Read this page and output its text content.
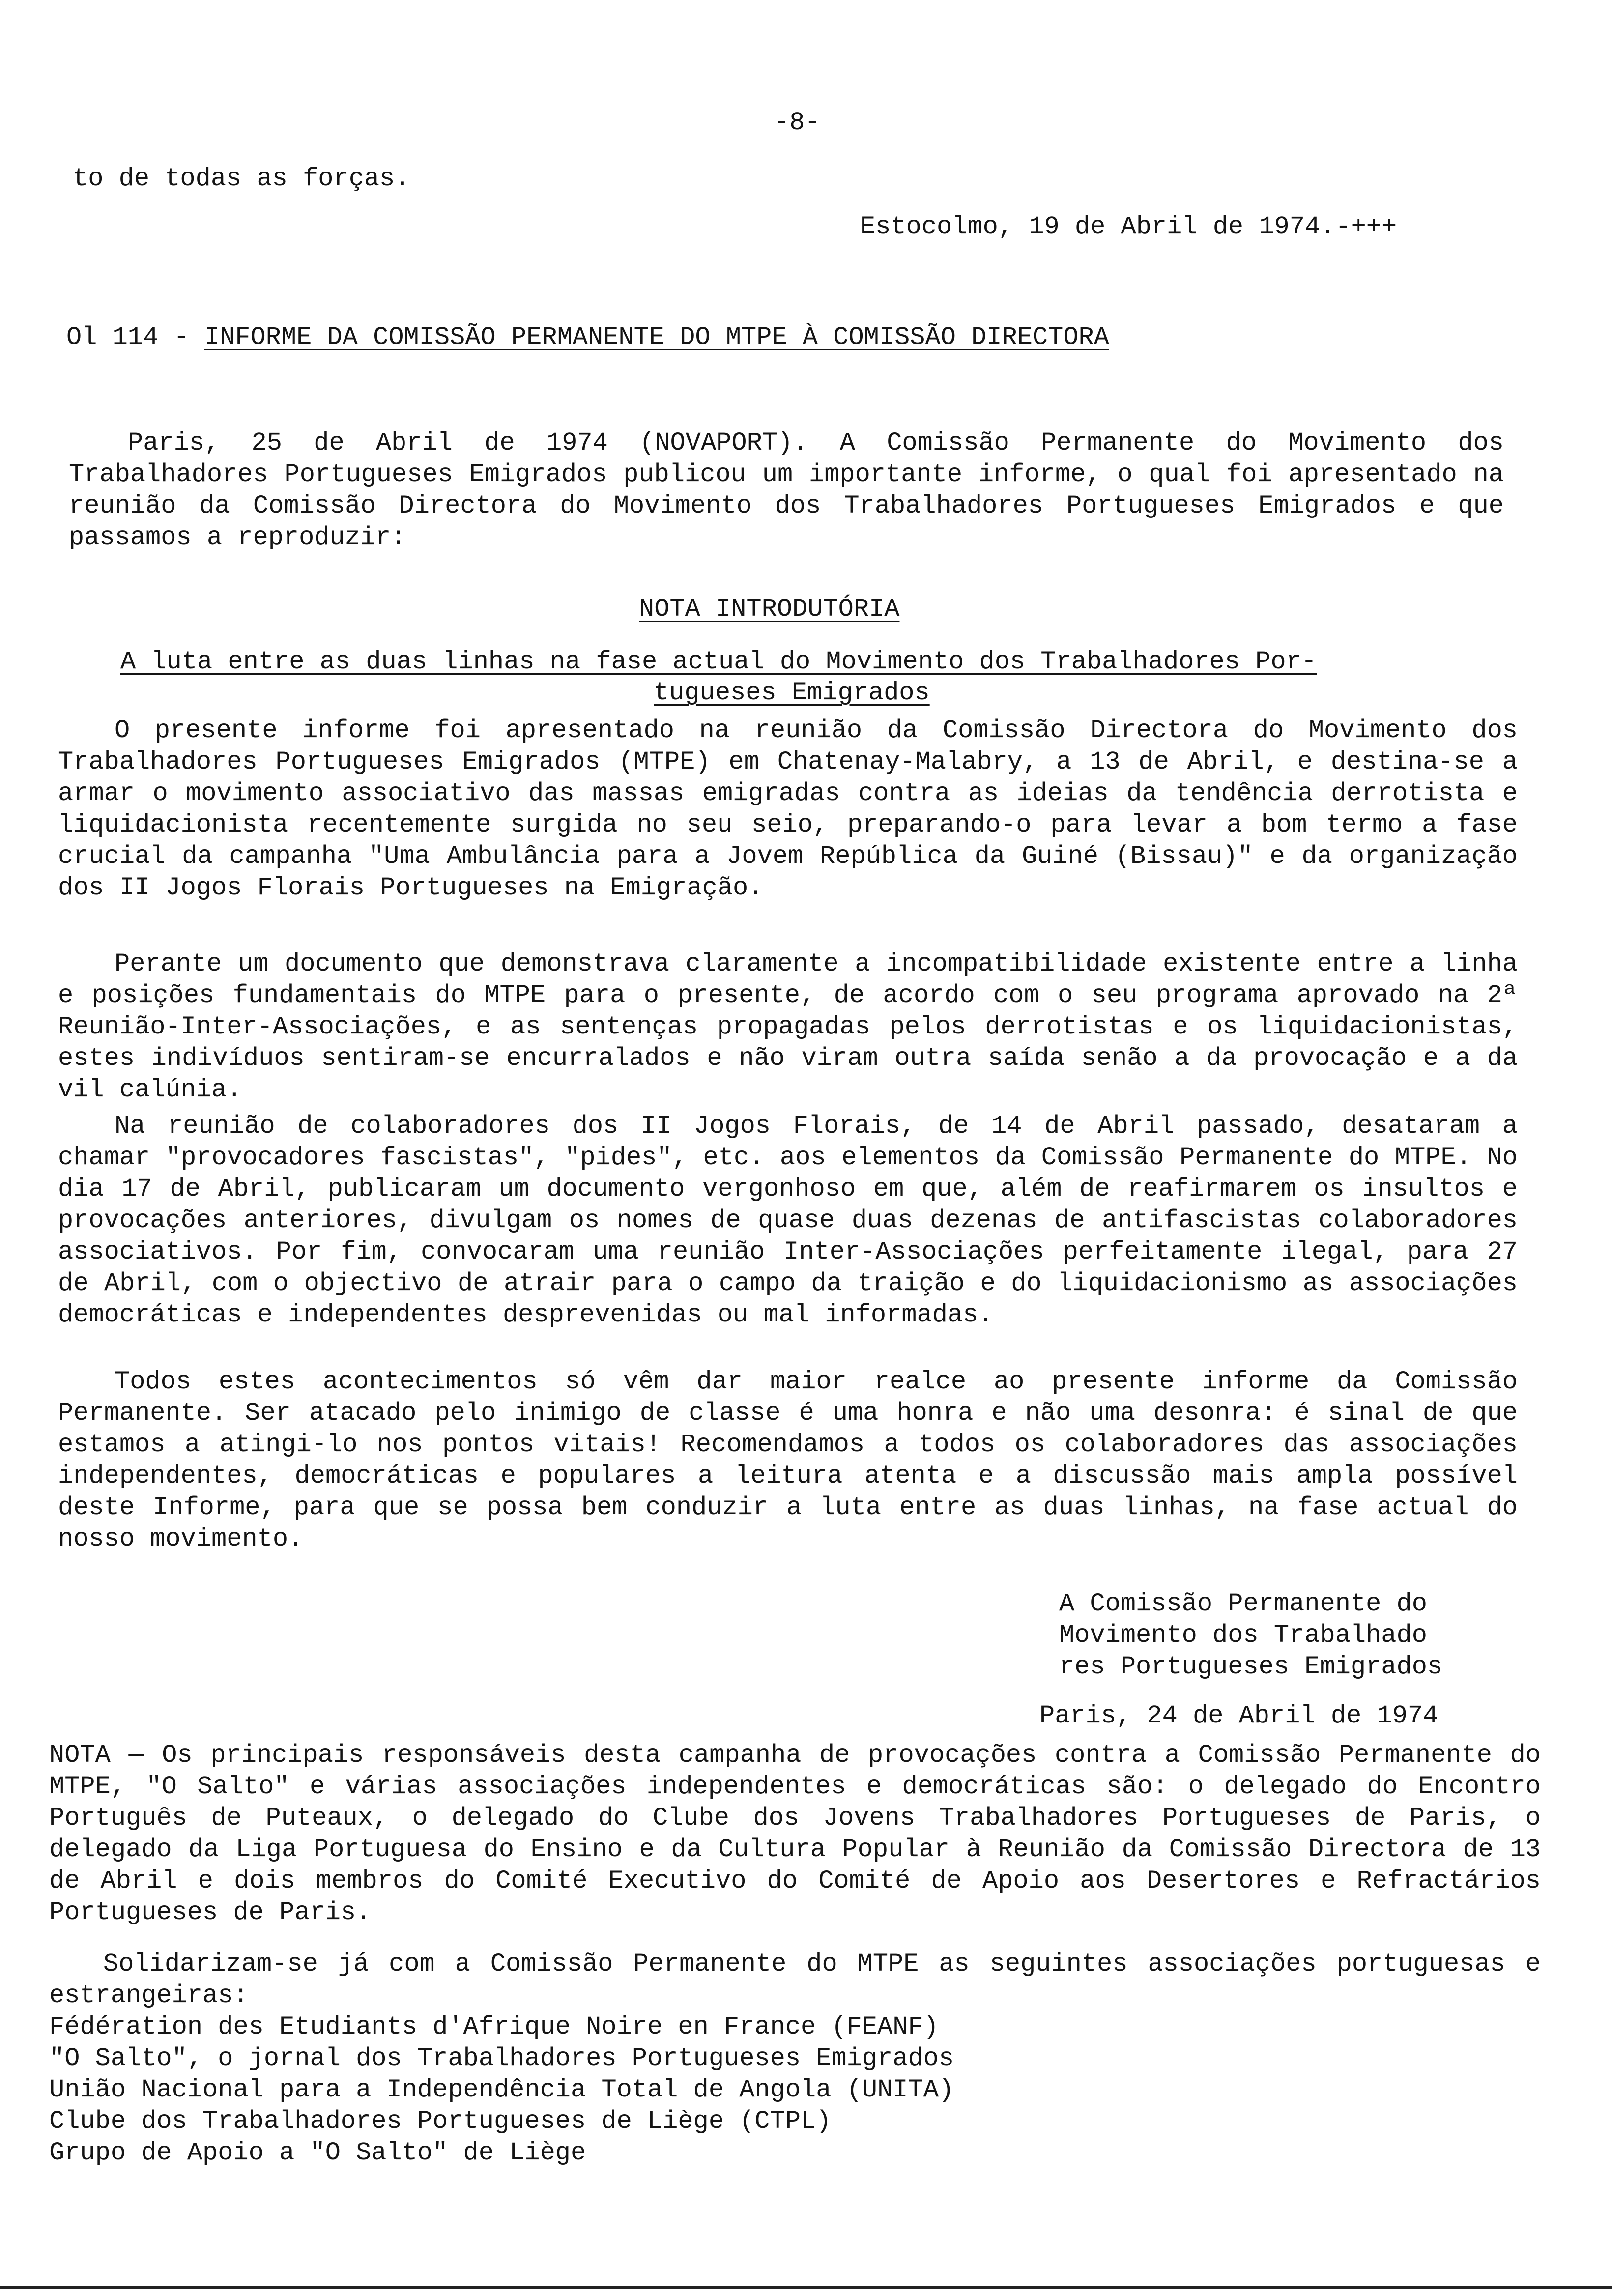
-8-
to de todas as forças.
Estocolmo, 19 de Abril de 1974.-+++
Ol 114 - INFORME DA COMISSÃO PERMANENTE DO MTPE À COMISSÃO DIRECTORA
Paris, 25 de Abril de 1974 (NOVAPORT). A Comissão Permanente do Movimento dos Trabalhadores Portugueses Emigrados publicou um importante informe, o qual foi apresentado na reunião da Comissão Directora do Movimento dos Trabalhadores Portugueses Emigrados e que passamos a reproduzir:
NOTA INTRODUTÓRIA
A luta entre as duas linhas na fase actual do Movimento dos Trabalhadores Por-
tugueses Emigrados
O presente informe foi apresentado na reunião da Comissão Directora do Movimento dos Trabalhadores Portugueses Emigrados (MTPE) em Chatenay-Malabry, a 13 de Abril, e destina-se a armar o movimento associativo das massas emigradas contra as ideias da tendência derrotista e liquidacionista recentemente surgida no seu seio, preparando-o para levar a bom termo a fase crucial da campanha "Uma Ambulância para a Jovem República da Guiné (Bissau)" e da organização dos II Jogos Florais Portugueses na Emigração.
Perante um documento que demonstrava claramente a incompatibilidade existente entre a linha e posições fundamentais do MTPE para o presente, de acordo com o seu programa aprovado na 2ª Reunião-Inter-Associações, e as sentenças propagadas pelos derrotistas e os liquidacionistas, estes indivíduos sentiram-se encurralados e não viram outra saída senão a da provocação e a da vil calúnia.
Na reunião de colaboradores dos II Jogos Florais, de 14 de Abril passado, desataram a chamar "provocadores fascistas", "pides", etc. aos elementos da Comissão Permanente do MTPE. No dia 17 de Abril, publicaram um documento vergonhoso em que, além de reafirmarem os insultos e provocações anteriores, divulgam os nomes de quase duas dezenas de antifascistas colaboradores associativos. Por fim, convocaram uma reunião Inter-Associações perfeitamente ilegal, para 27 de Abril, com o objectivo de atrair para o campo da traição e do liquidacionismo as associações democráticas e independentes desprevenidas ou mal informadas.
Todos estes acontecimentos só vêm dar maior realce ao presente informe da Comissão Permanente. Ser atacado pelo inimigo de classe é uma honra e não uma desonra: é sinal de que estamos a atingi-lo nos pontos vitais! Recomendamos a todos os colaboradores das associações independentes, democráticas e populares a leitura atenta e a discussão mais ampla possível deste Informe, para que se possa bem conduzir a luta entre as duas linhas, na fase actual do nosso movimento.
A Comissão Permanente do
Movimento dos Trabalhado
res Portugueses Emigrados
Paris, 24 de Abril de 1974
NOTA — Os principais responsáveis desta campanha de provocações contra a Comissão Permanente do MTPE, "O Salto" e várias associações independentes e democráticas são: o delegado do Encontro Português de Puteaux, o delegado do Clube dos Jovens Trabalhadores Portugueses de Paris, o delegado da Liga Portuguesa do Ensino e da Cultura Popular à Reunião da Comissão Directora de 13 de Abril e dois membros do Comité Executivo do Comité de Apoio aos Desertores e Refractários Portugueses de Paris.
Solidarizam-se já com a Comissão Permanente do MTPE as seguintes associações portuguesas e estrangeiras:
Fédération des Etudiants d'Afrique Noire en France (FEANF)
"O Salto", o jornal dos Trabalhadores Portugueses Emigrados
União Nacional para a Independência Total de Angola (UNITA)
Clube dos Trabalhadores Portugueses de Liège (CTPL)
Grupo de Apoio a "O Salto" de Liège
